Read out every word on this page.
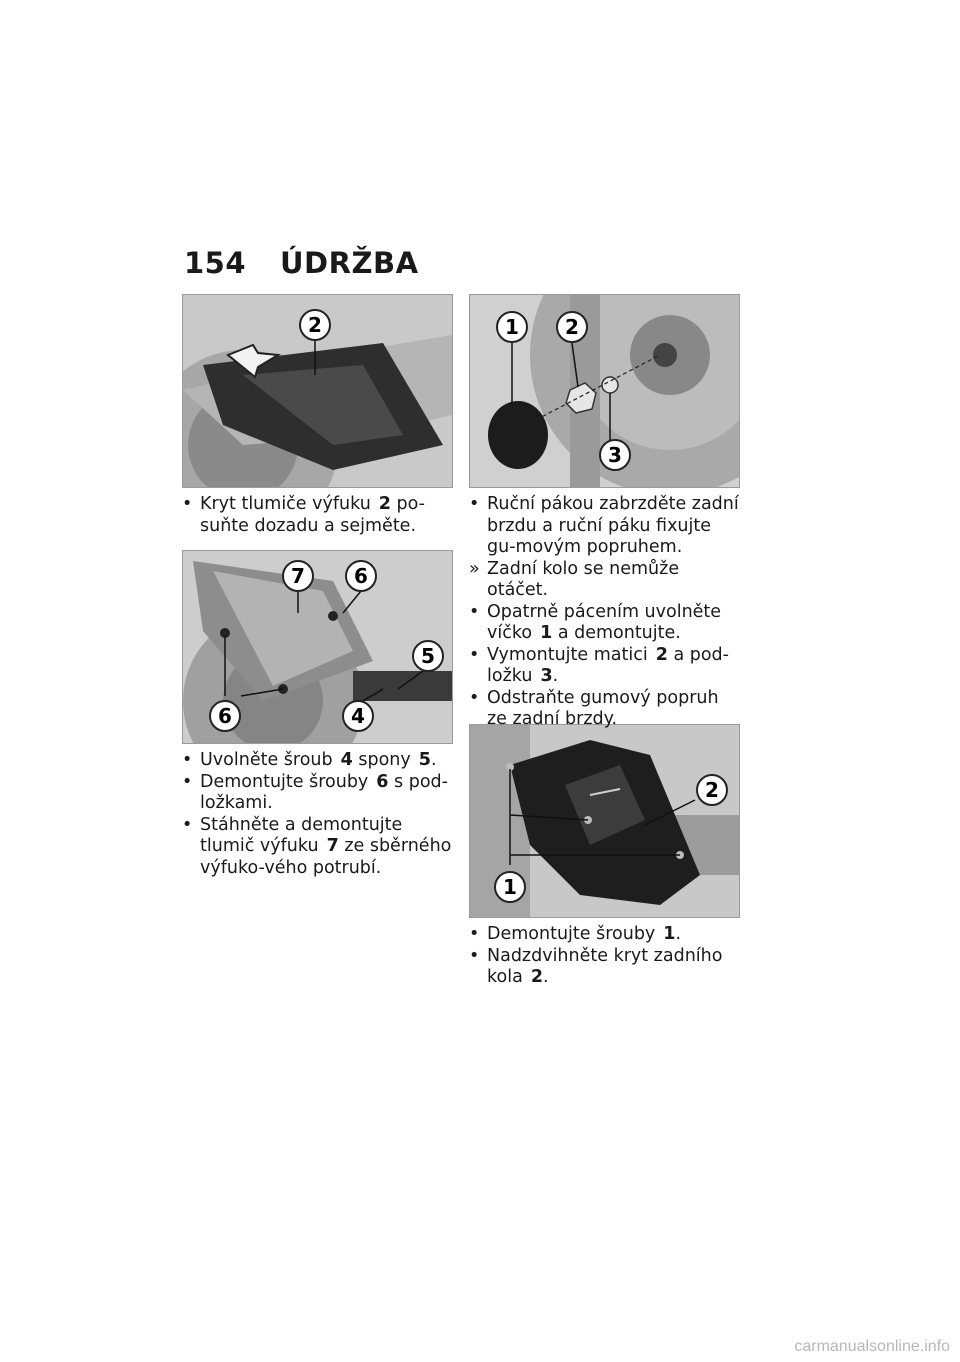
154 ÚDRŽBA
2
7 6
5
6	4
1 2
3
2
1

• Kryt tlumiče výfuku 2 po-suňte dozadu a sejměte.

• Uvolněte šroub 4 spony 5.

• Demontujte šrouby 6 s pod-ložkami.

• Stáhněte a demontujte tlumič výfuku 7 ze sběrného výfuko-vého potrubí.

• Ruční pákou zabrzděte zadní brzdu a ruční páku fixujte gu-movým popruhem.

» Zadní kolo se nemůže otáčet.

• Opatrně pácením uvolněte víčko 1 a demontujte.

• Vymontujte matici 2 a pod-ložku 3.

• Odstraňte gumový popruh ze zadní brzdy.

• Demontujte šrouby 1.

• Nadzdvihněte kryt zadního kola 2.

carmanualsonline.info
